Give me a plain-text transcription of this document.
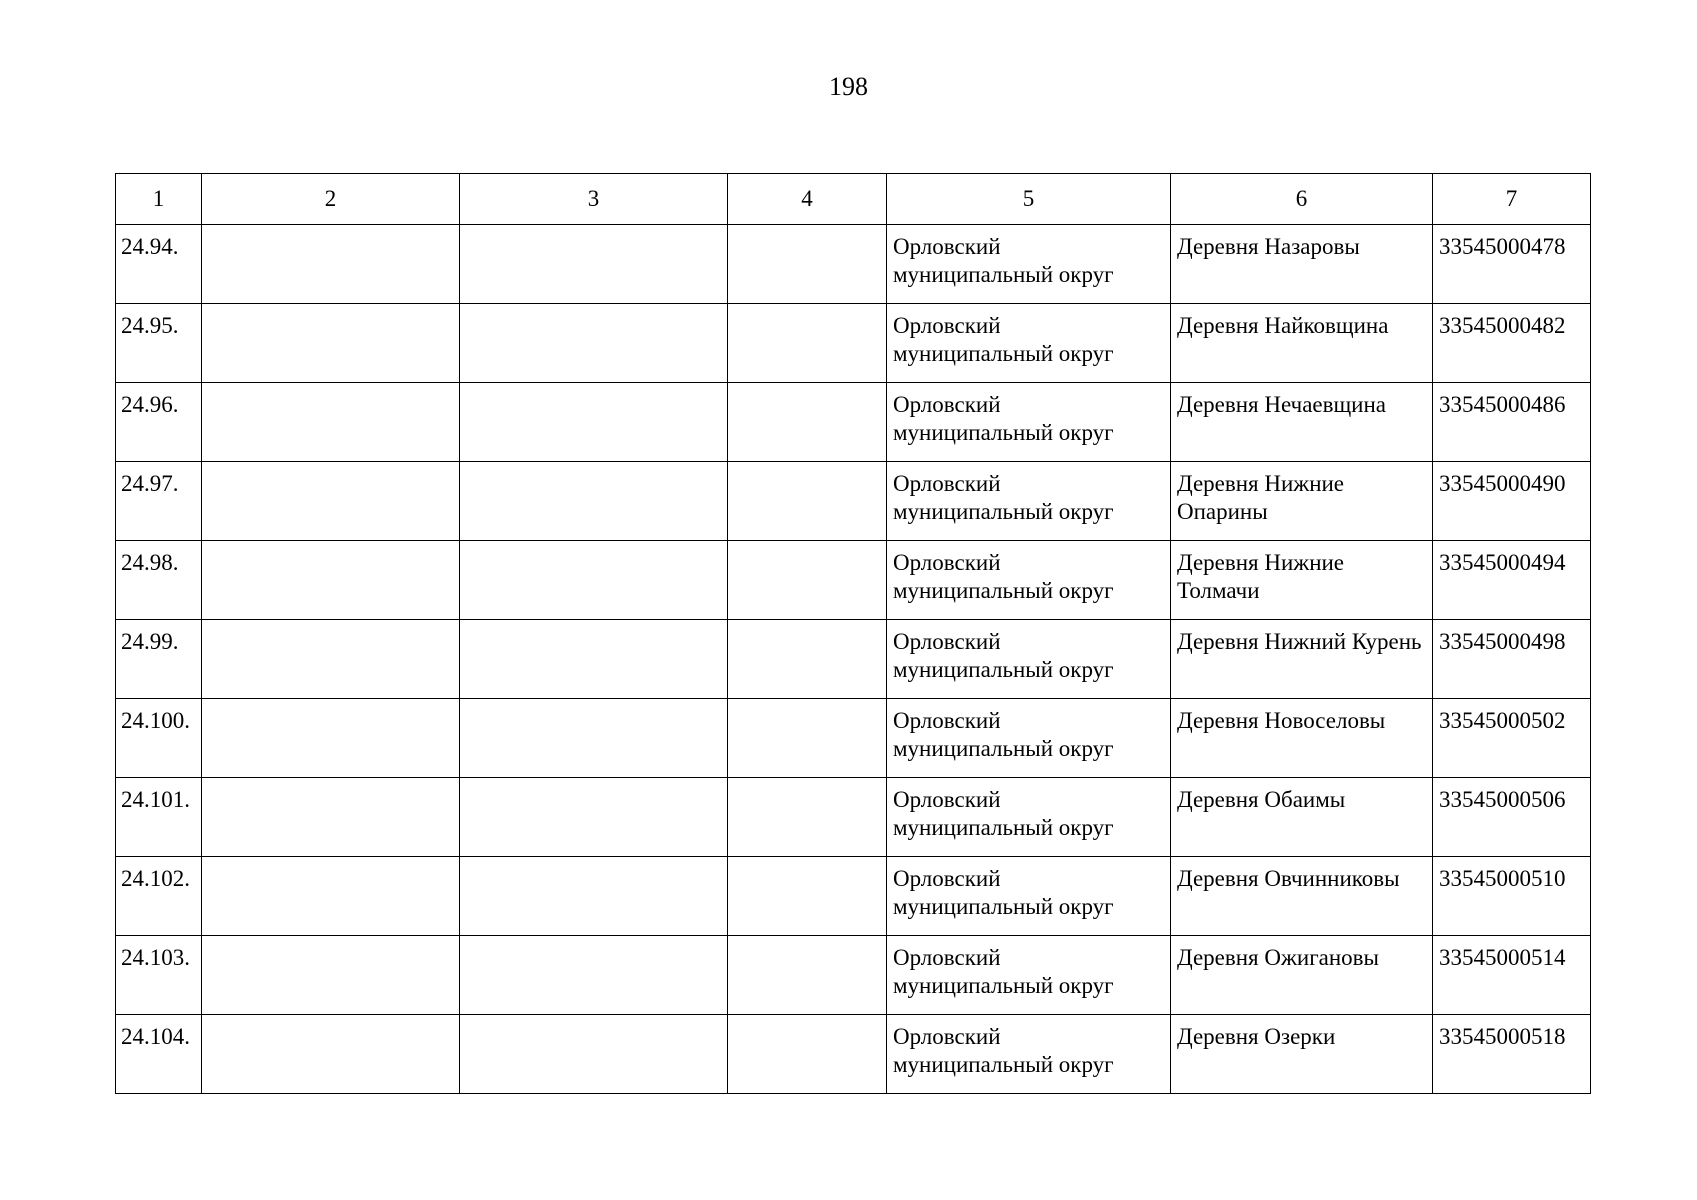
198
1	2	3	4	5	6	7
24.94.				Орловский муниципальный округ	Деревня Назаровы	33545000478
24.95.				Орловский муниципальный округ	Деревня Найковщина	33545000482
24.96.				Орловский муниципальный округ	Деревня Нечаевщина	33545000486
24.97.				Орловский муниципальный округ	Деревня Нижние Опарины	33545000490
24.98.				Орловский муниципальный округ	Деревня Нижние Толмачи	33545000494
24.99.				Орловский муниципальный округ	Деревня Нижний Курень	33545000498
24.100.				Орловский муниципальный округ	Деревня Новоселовы	33545000502
24.101.				Орловский муниципальный округ	Деревня Обаимы	33545000506
24.102.				Орловский муниципальный округ	Деревня Овчинниковы	33545000510
24.103.				Орловский муниципальный округ	Деревня Ожигановы	33545000514
24.104.				Орловский муниципальный округ	Деревня Озерки	33545000518
